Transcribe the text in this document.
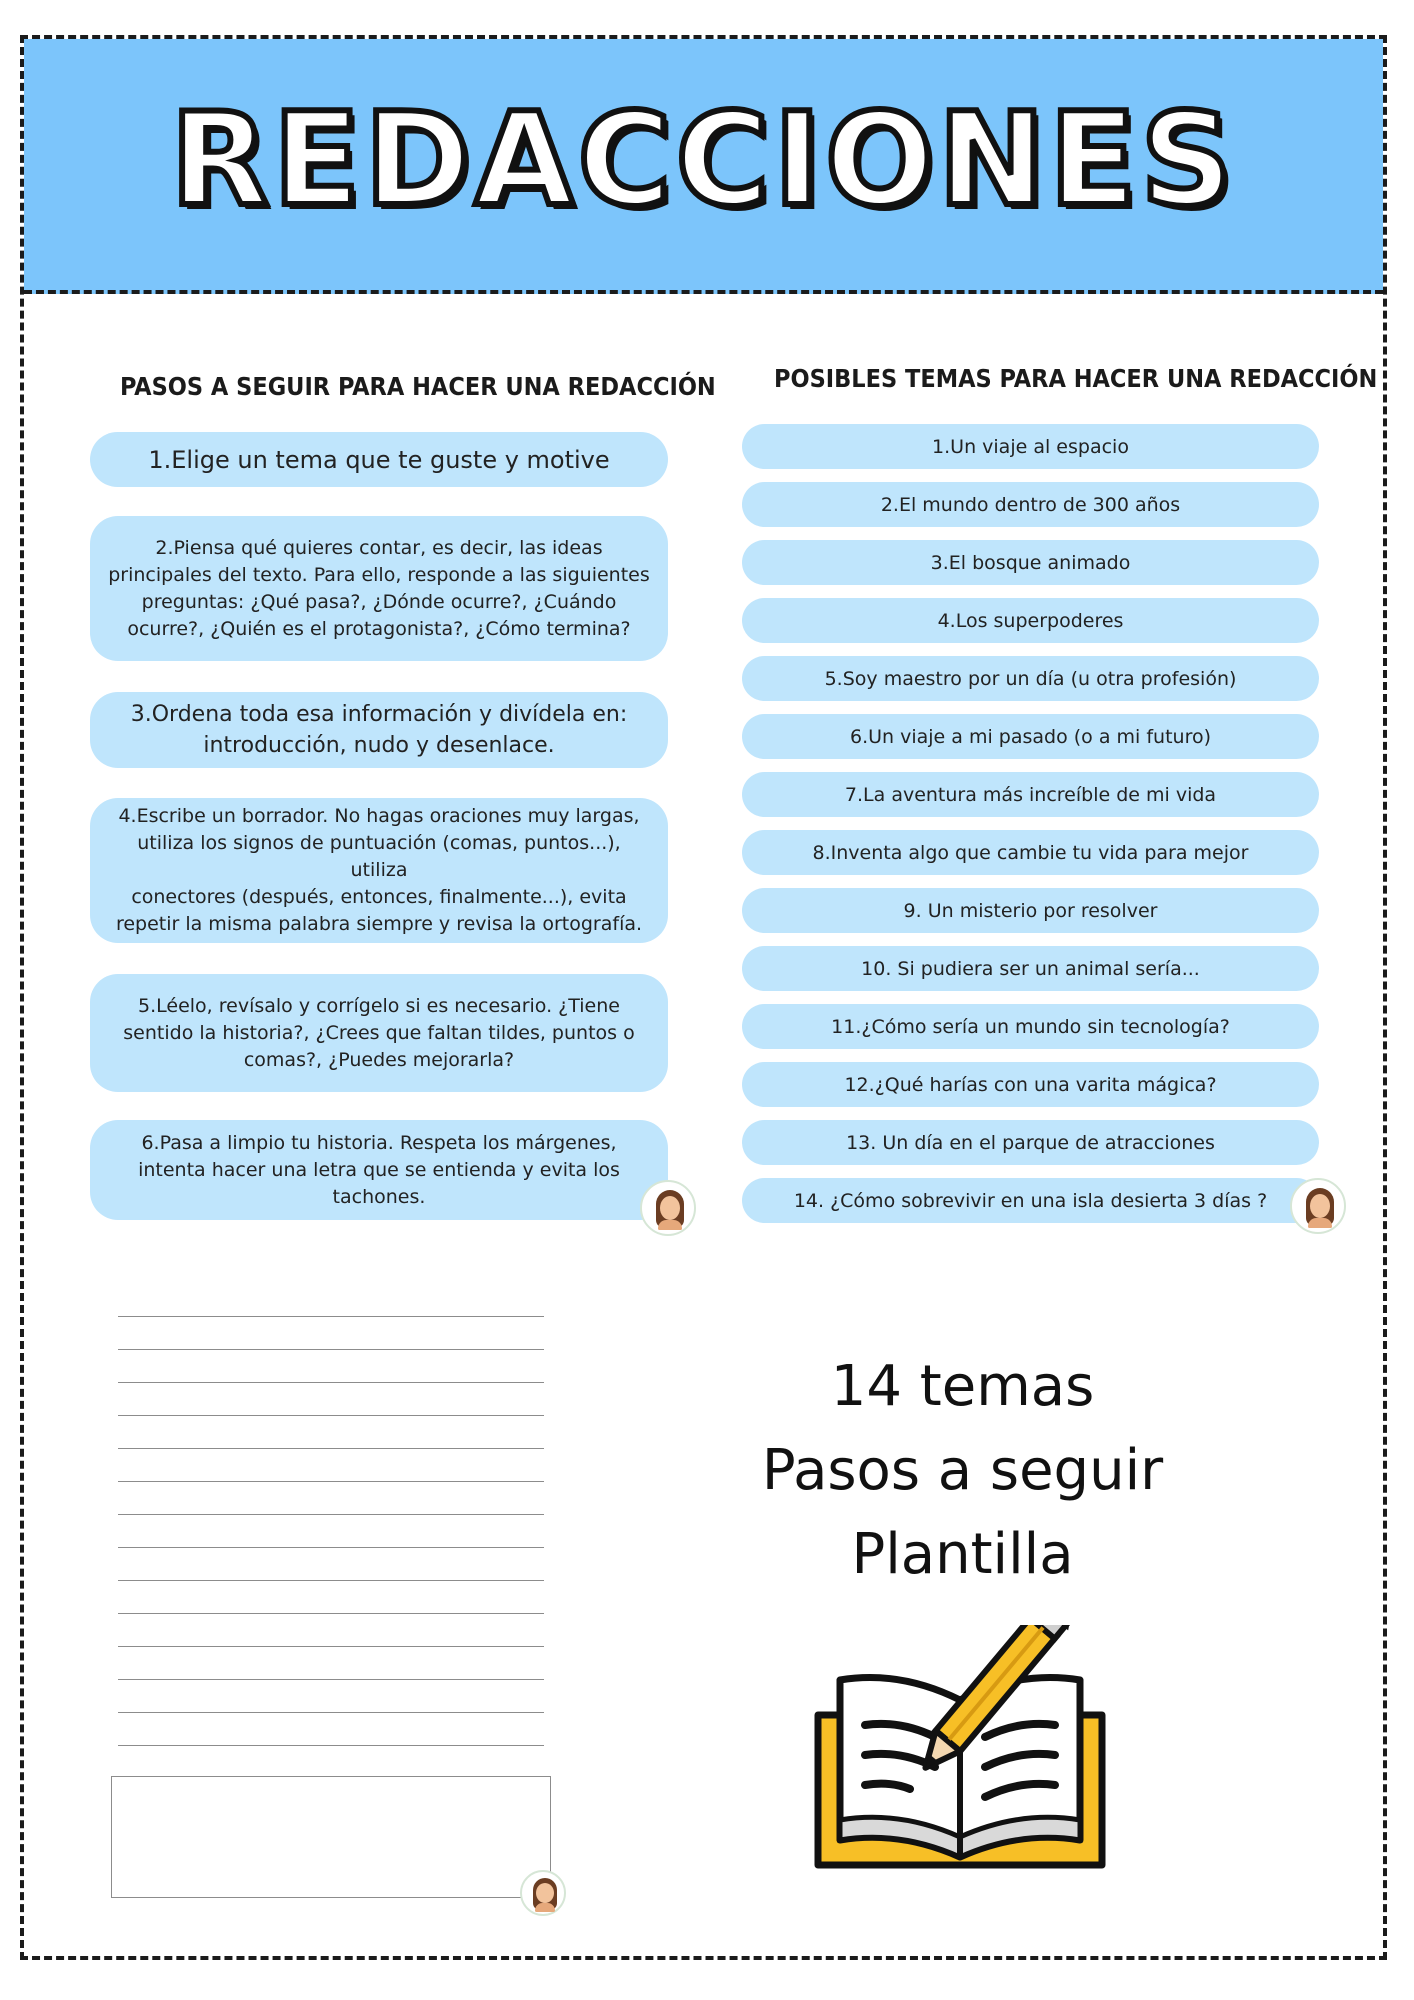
REDACCIONES
PASOS A SEGUIR PARA HACER UNA REDACCIÓN
1.Elige un tema que te guste y motive
2.Piensa qué quieres contar, es decir, las ideas
principales del texto. Para ello, responde a las siguientes
preguntas: ¿Qué pasa?, ¿Dónde ocurre?, ¿Cuándo
ocurre?, ¿Quién es el protagonista?, ¿Cómo termina?
3.Ordena toda esa información y divídela en:
introducción, nudo y desenlace.
4.Escribe un borrador. No hagas oraciones muy largas,
utiliza los signos de puntuación (comas, puntos...), utiliza
conectores (después, entonces, finalmente...), evita
repetir la misma palabra siempre y revisa la ortografía.
5.Léelo, revísalo y corrígelo si es necesario. ¿Tiene
sentido la historia?, ¿Crees que faltan tildes, puntos o
comas?, ¿Puedes mejorarla?
6.Pasa a limpio tu historia. Respeta los márgenes,
intenta hacer una letra que se entienda y evita los
tachones.
POSIBLES TEMAS PARA HACER UNA REDACCIÓN
1.Un viaje al espacio
2.El mundo dentro de 300 años
3.El bosque animado
4.Los superpoderes
5.Soy maestro por un día (u otra profesión)
6.Un viaje a mi pasado (o a mi futuro)
7.La aventura más increíble de mi vida
8.Inventa algo que cambie tu vida para mejor
9. Un misterio por resolver
10. Si pudiera ser un animal sería...
11.¿Cómo sería un mundo sin tecnología?
12.¿Qué harías con una varita mágica?
13. Un día en el parque de atracciones
14. ¿Cómo sobrevivir en una isla desierta 3 días ?
14 temas
Pasos a seguir
Plantilla
